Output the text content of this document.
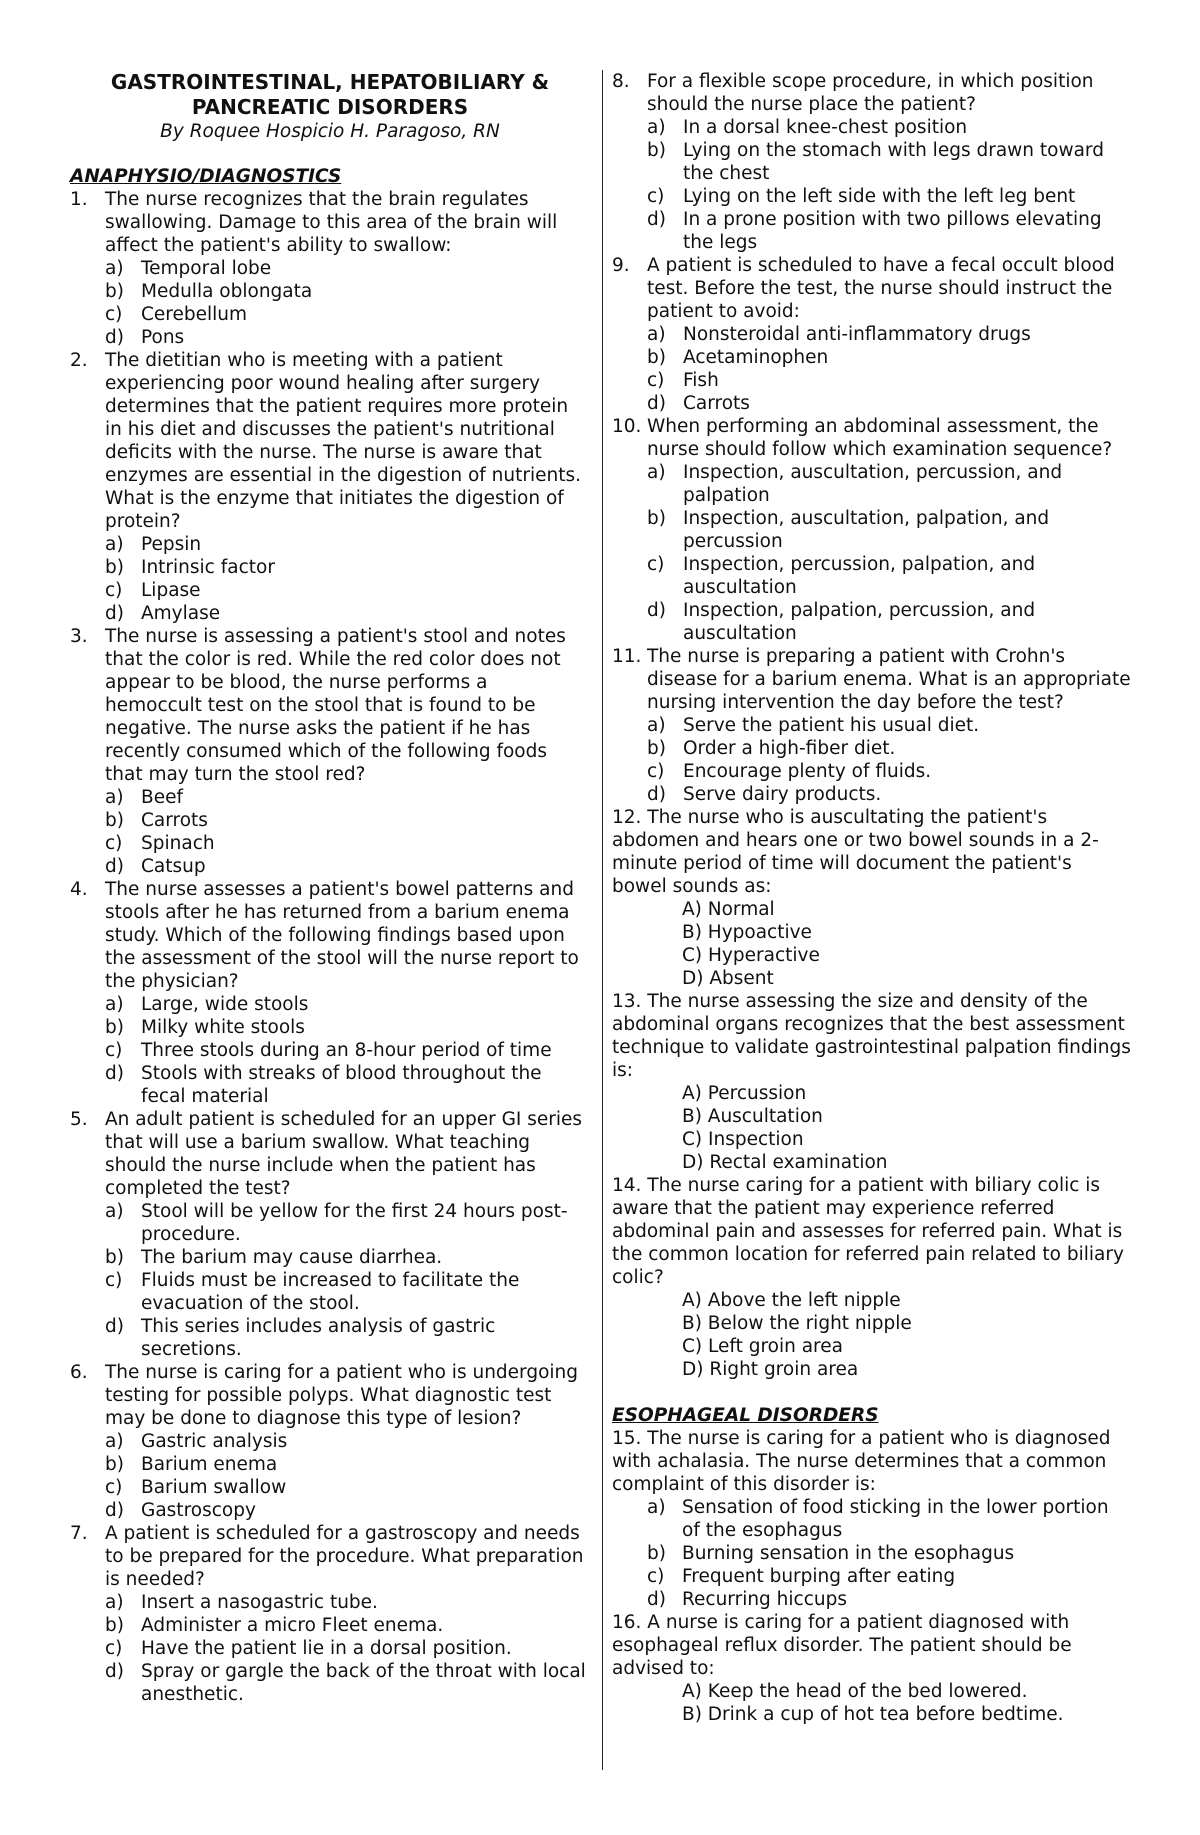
GASTROINTESTINAL, HEPATOBILIARY & PANCREATIC DISORDERS
By Roquee Hospicio H. Paragoso, RN
ANAPHYSIO/DIAGNOSTICS
1. The nurse recognizes that the brain regulates swallowing. Damage to this area of the brain will affect the patient's ability to swallow:
a) Temporal lobe
b) Medulla oblongata
c) Cerebellum
d) Pons
2. The dietitian who is meeting with a patient experiencing poor wound healing after surgery determines that the patient requires more protein in his diet and discusses the patient's nutritional deficits with the nurse. The nurse is aware that enzymes are essential in the digestion of nutrients. What is the enzyme that initiates the digestion of protein?
a) Pepsin
b) Intrinsic factor
c) Lipase
d) Amylase
3. The nurse is assessing a patient's stool and notes that the color is red. While the red color does not appear to be blood, the nurse performs a hemoccult test on the stool that is found to be negative. The nurse asks the patient if he has recently consumed which of the following foods that may turn the stool red?
a) Beef
b) Carrots
c) Spinach
d) Catsup
4. The nurse assesses a patient's bowel patterns and stools after he has returned from a barium enema study. Which of the following findings based upon the assessment of the stool will the nurse report to the physician?
a) Large, wide stools
b) Milky white stools
c) Three stools during an 8-hour period of time
d) Stools with streaks of blood throughout the fecal material
5. An adult patient is scheduled for an upper GI series that will use a barium swallow. What teaching should the nurse include when the patient has completed the test?
a) Stool will be yellow for the first 24 hours post-procedure.
b) The barium may cause diarrhea.
c) Fluids must be increased to facilitate the evacuation of the stool.
d) This series includes analysis of gastric secretions.
6. The nurse is caring for a patient who is undergoing testing for possible polyps. What diagnostic test may be done to diagnose this type of lesion?
a) Gastric analysis
b) Barium enema
c) Barium swallow
d) Gastroscopy
7. A patient is scheduled for a gastroscopy and needs to be prepared for the procedure. What preparation is needed?
a) Insert a nasogastric tube.
b) Administer a micro Fleet enema.
c) Have the patient lie in a dorsal position.
d) Spray or gargle the back of the throat with local anesthetic.
8. For a flexible scope procedure, in which position should the nurse place the patient?
a) In a dorsal knee-chest position
b) Lying on the stomach with legs drawn toward the chest
c) Lying on the left side with the left leg bent
d) In a prone position with two pillows elevating the legs
9. A patient is scheduled to have a fecal occult blood test. Before the test, the nurse should instruct the patient to avoid:
a) Nonsteroidal anti-inflammatory drugs
b) Acetaminophen
c) Fish
d) Carrots
10. When performing an abdominal assessment, the nurse should follow which examination sequence?
a) Inspection, auscultation, percussion, and palpation
b) Inspection, auscultation, palpation, and percussion
c) Inspection, percussion, palpation, and auscultation
d) Inspection, palpation, percussion, and auscultation
11. The nurse is preparing a patient with Crohn's disease for a barium enema. What is an appropriate nursing intervention the day before the test?
a) Serve the patient his usual diet.
b) Order a high-fiber diet.
c) Encourage plenty of fluids.
d) Serve dairy products.
12. The nurse who is auscultating the patient's abdomen and hears one or two bowel sounds in a 2-minute period of time will document the patient's bowel sounds as:
A) Normal
B) Hypoactive
C) Hyperactive
D) Absent
13. The nurse assessing the size and density of the abdominal organs recognizes that the best assessment technique to validate gastrointestinal palpation findings is:
A) Percussion
B) Auscultation
C) Inspection
D) Rectal examination
14. The nurse caring for a patient with biliary colic is aware that the patient may experience referred abdominal pain and assesses for referred pain. What is the common location for referred pain related to biliary colic?
A) Above the left nipple
B) Below the right nipple
C) Left groin area
D) Right groin area
ESOPHAGEAL DISORDERS
15. The nurse is caring for a patient who is diagnosed with achalasia. The nurse determines that a common complaint of this disorder is:
a) Sensation of food sticking in the lower portion of the esophagus
b) Burning sensation in the esophagus
c) Frequent burping after eating
d) Recurring hiccups
16. A nurse is caring for a patient diagnosed with esophageal reflux disorder. The patient should be advised to:
A) Keep the head of the bed lowered.
B) Drink a cup of hot tea before bedtime.
